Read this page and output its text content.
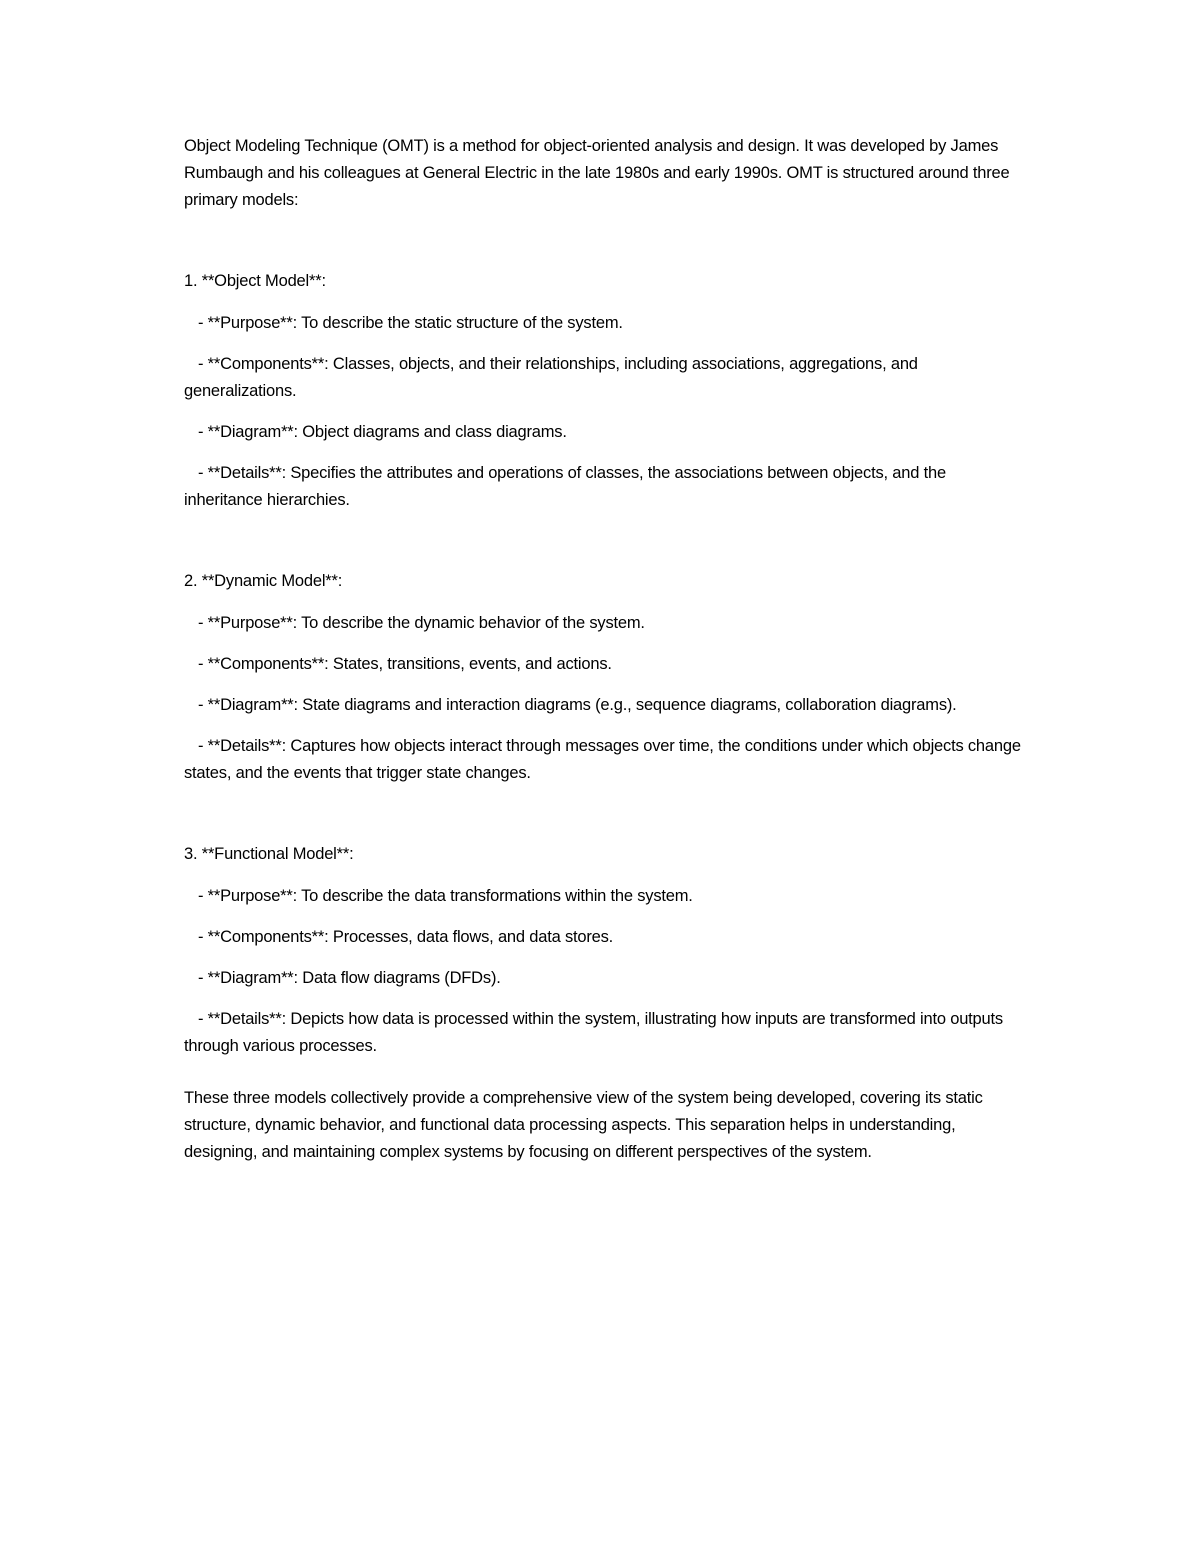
Object Modeling Technique (OMT) is a method for object-oriented analysis and design. It was developed by James Rumbaugh and his colleagues at General Electric in the late 1980s and early 1990s. OMT is structured around three primary models:

1. **Object Model**:

- **Purpose**: To describe the static structure of the system.

- **Components**: Classes, objects, and their relationships, including associations, aggregations, and generalizations.

- **Diagram**: Object diagrams and class diagrams.

- **Details**: Specifies the attributes and operations of classes, the associations between objects, and the inheritance hierarchies.

2. **Dynamic Model**:

- **Purpose**: To describe the dynamic behavior of the system.

- **Components**: States, transitions, events, and actions.

- **Diagram**: State diagrams and interaction diagrams (e.g., sequence diagrams, collaboration diagrams).

- **Details**: Captures how objects interact through messages over time, the conditions under which objects change states, and the events that trigger state changes.

3. **Functional Model**:

- **Purpose**: To describe the data transformations within the system.

- **Components**: Processes, data flows, and data stores.

- **Diagram**: Data flow diagrams (DFDs).

- **Details**: Depicts how data is processed within the system, illustrating how inputs are transformed into outputs through various processes.

These three models collectively provide a comprehensive view of the system being developed, covering its static structure, dynamic behavior, and functional data processing aspects. This separation helps in understanding, designing, and maintaining complex systems by focusing on different perspectives of the system.
